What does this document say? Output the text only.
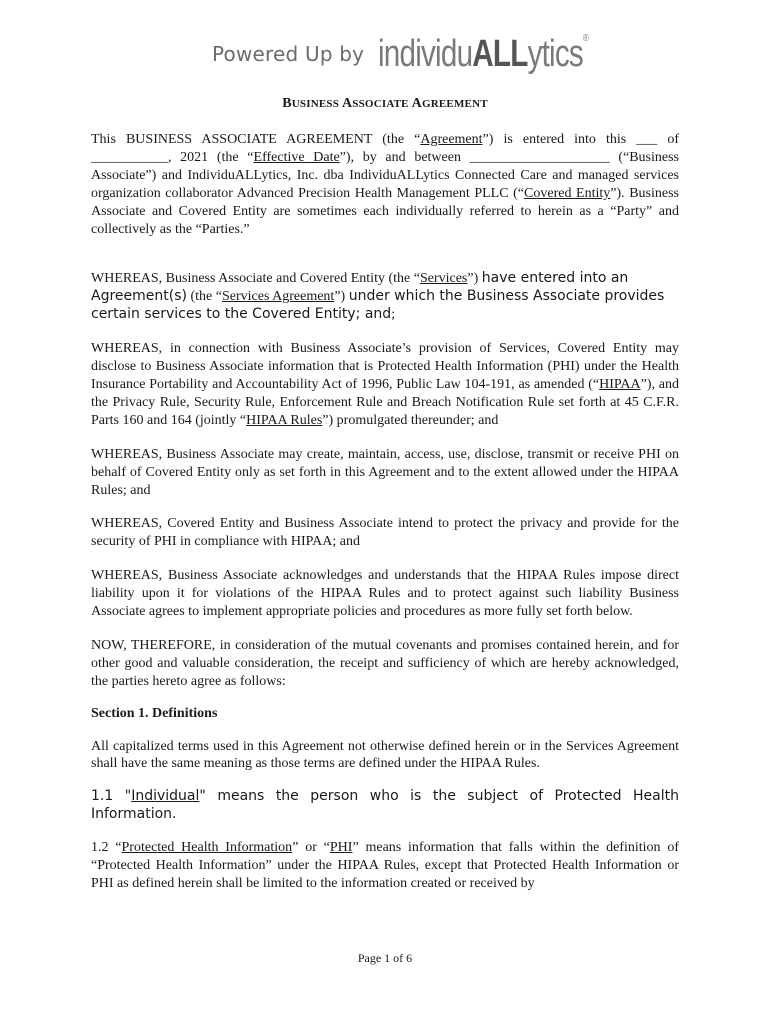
Powered Up by individuALLytics®
BUSINESS ASSOCIATE AGREEMENT

This BUSINESS ASSOCIATE AGREEMENT (the “Agreement”) is entered into this ___ of ___________, 2021 (the “Effective Date”), by and between ____________________ (“Business Associate”) and IndividuALLytics, Inc. dba IndividuALLytics Connected Care and managed services organization collaborator Advanced Precision Health Management PLLC (“Covered Entity”). Business Associate and Covered Entity are sometimes each individually referred to herein as a “Party” and collectively as the “Parties.”

WHEREAS, Business Associate and Covered Entity (the “Services”) have entered into an Agreement(s) (the “Services Agreement”) under which the Business Associate provides certain services to the Covered Entity; and;

WHEREAS, in connection with Business Associate’s provision of Services, Covered Entity may disclose to Business Associate information that is Protected Health Information (PHI) under the Health Insurance Portability and Accountability Act of 1996, Public Law 104-191, as amended (“HIPAA”), and the Privacy Rule, Security Rule, Enforcement Rule and Breach Notification Rule set forth at 45 C.F.R. Parts 160 and 164 (jointly “HIPAA Rules”) promulgated thereunder; and

WHEREAS, Business Associate may create, maintain, access, use, disclose, transmit or receive PHI on behalf of Covered Entity only as set forth in this Agreement and to the extent allowed under the HIPAA Rules; and

WHEREAS, Covered Entity and Business Associate intend to protect the privacy and provide for the security of PHI in compliance with HIPAA; and

WHEREAS, Business Associate acknowledges and understands that the HIPAA Rules impose direct liability upon it for violations of the HIPAA Rules and to protect against such liability Business Associate agrees to implement appropriate policies and procedures as more fully set forth below.

NOW, THEREFORE, in consideration of the mutual covenants and promises contained herein, and for other good and valuable consideration, the receipt and sufficiency of which are hereby acknowledged, the parties hereto agree as follows:

Section 1. Definitions

All capitalized terms used in this Agreement not otherwise defined herein or in the Services Agreement shall have the same meaning as those terms are defined under the HIPAA Rules.

1.1 "Individual" means the person who is the subject of Protected Health Information.

1.2 “Protected Health Information” or “PHI” means information that falls within the definition of “Protected Health Information” under the HIPAA Rules, except that Protected Health Information or PHI as defined herein shall be limited to the information created or received by

Page 1 of 6
